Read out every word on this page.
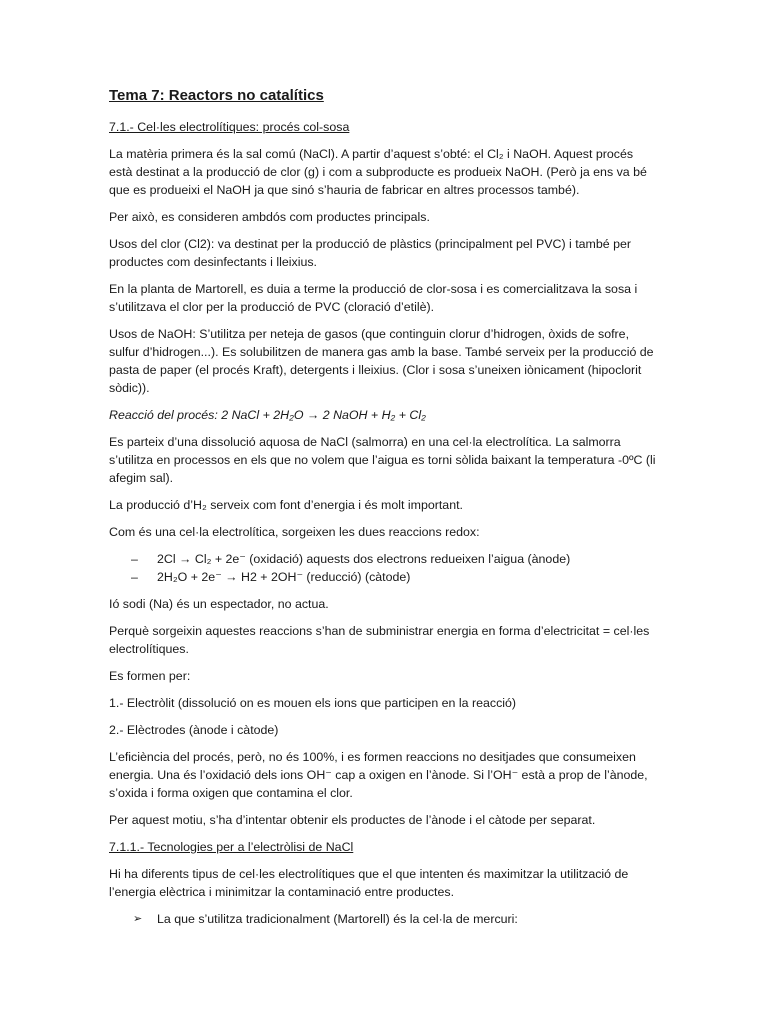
Tema 7: Reactors no catalítics
7.1.- Cel·les electrolítiques: procés col-sosa

La matèria primera és la sal comú (NaCl). A partir d’aquest s’obté: el Cl₂ i NaOH. Aquest procés està destinat a la producció de clor (g) i com a subproducte es produeix NaOH. (Però ja ens va bé que es produeixi el NaOH ja que sinó s’hauria de fabricar en altres processos també).

Per això, es consideren ambdós com productes principals.

Usos del clor (Cl2): va destinat per la producció de plàstics (principalment pel PVC) i també per productes com desinfectants i lleixius.

En la planta de Martorell, es duia a terme la producció de clor-sosa i es comercialitzava la sosa i s’utilitzava el clor per la producció de PVC (cloració d’etilè).

Usos de NaOH: S’utilitza per neteja de gasos (que continguin clorur d’hidrogen, òxids de sofre, sulfur d’hidrogen...). Es solubilitzen de manera gas amb la base. També serveix per la producció de pasta de paper (el procés Kraft), detergents i lleixius. (Clor i sosa s’uneixen iònicament (hipoclorit sòdic)).

Reacció del procés: 2 NaCl + 2H₂O → 2 NaOH + H₂ + Cl₂

Es parteix d’una dissolució aquosa de NaCl (salmorra) en una cel·la electrolítica. La salmorra s’utilitza en processos en els que no volem que l’aigua es torni sòlida baixant la temperatura -0ºC (li afegim sal).

La producció d’H₂ serveix com font d’energia i és molt important.

Com és una cel·la electrolítica, sorgeixen les dues reaccions redox:

– 2Cl → Cl₂ + 2e⁻ (oxidació) aquests dos electrons redueixen l’aigua (ànode)
– 2H₂O + 2e⁻ → H2 + 2OH⁻ (reducció) (càtode)

Ió sodi (Na) és un espectador, no actua.

Perquè sorgeixin aquestes reaccions s’han de subministrar energia en forma d’electricitat = cel·les electrolítiques.

Es formen per:

1.- Electròlit (dissolució on es mouen els ions que participen en la reacció)

2.- Elèctrodes (ànode i càtode)

L’eficiència del procés, però, no és 100%, i es formen reaccions no desitjades que consumeixen energia. Una és l’oxidació dels ions OH⁻ cap a oxigen en l’ànode. Si l’OH⁻ està a prop de l’ànode, s’oxida i forma oxigen que contamina el clor.

Per aquest motiu, s’ha d’intentar obtenir els productes de l’ànode i el càtode per separat.

7.1.1.- Tecnologies per a l’electròlisi de NaCl

Hi ha diferents tipus de cel·les electrolítiques que el que intenten és maximitzar la utilització de l’energia elèctrica i minimitzar la contaminació entre productes.

➢ La que s’utilitza tradicionalment (Martorell) és la cel·la de mercuri:
